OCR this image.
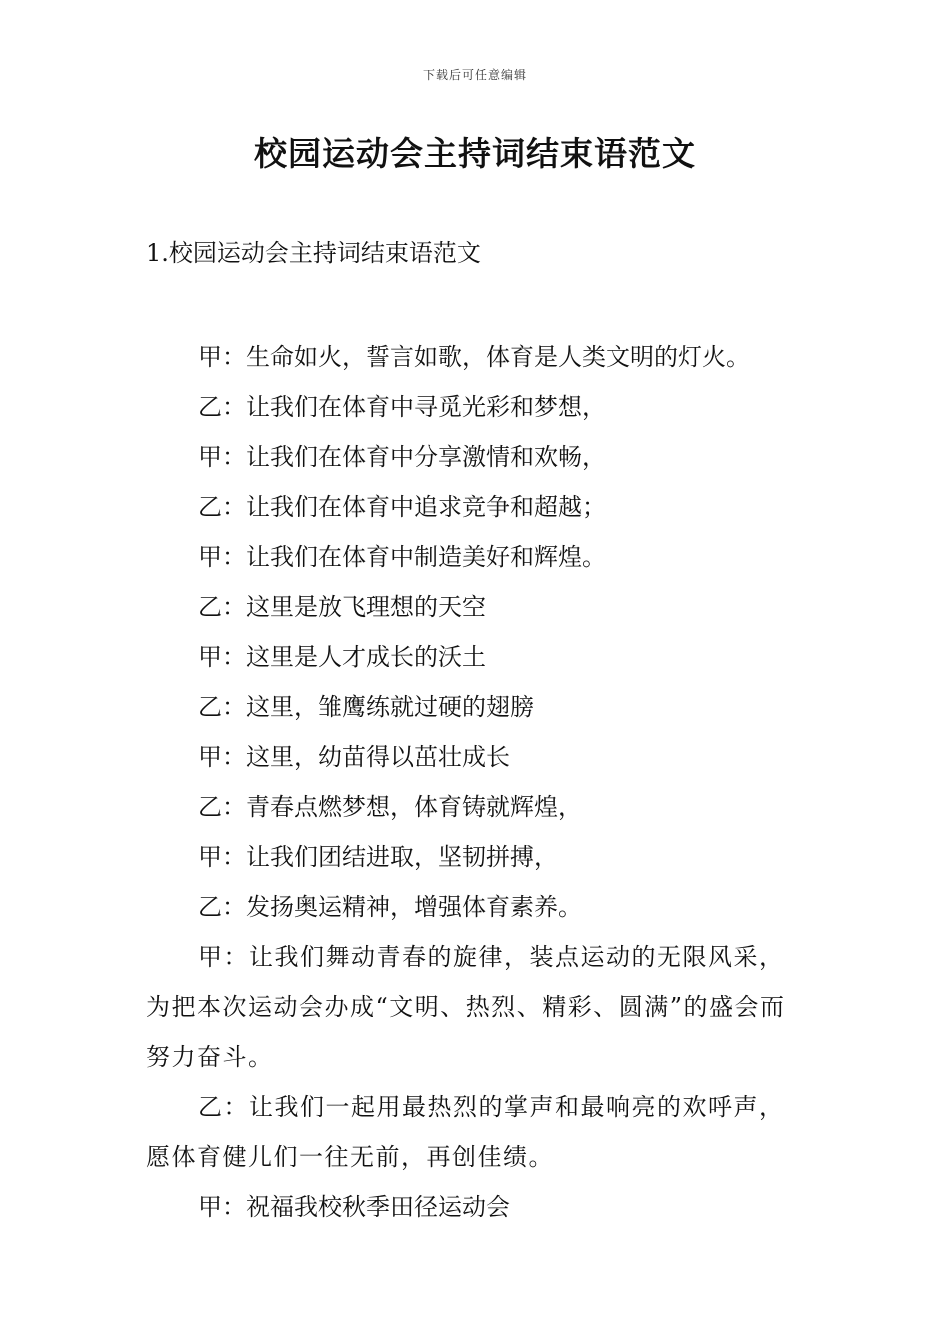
下载后可任意编辑
校园运动会主持词结束语范文
1.校园运动会主持词结束语范文

甲：生命如火，誓言如歌，体育是人类文明的灯火。

乙：让我们在体育中寻觅光彩和梦想，

甲：让我们在体育中分享激情和欢畅，

乙：让我们在体育中追求竞争和超越；

甲：让我们在体育中制造美好和辉煌。

乙：这里是放飞理想的天空

甲：这里是人才成长的沃土

乙：这里，雏鹰练就过硬的翅膀

甲：这里，幼苗得以茁壮成长

乙：青春点燃梦想，体育铸就辉煌，

甲：让我们团结进取，坚韧拼搏，

乙：发扬奥运精神，增强体育素养。

甲：让我们舞动青春的旋律，装点运动的无限风采，为把本次运动会办成“文明、热烈、精彩、圆满”的盛会而努力奋斗。

乙：让我们一起用最热烈的掌声和最响亮的欢呼声，愿体育健儿们一往无前，再创佳绩。

甲：祝福我校秋季田径运动会
